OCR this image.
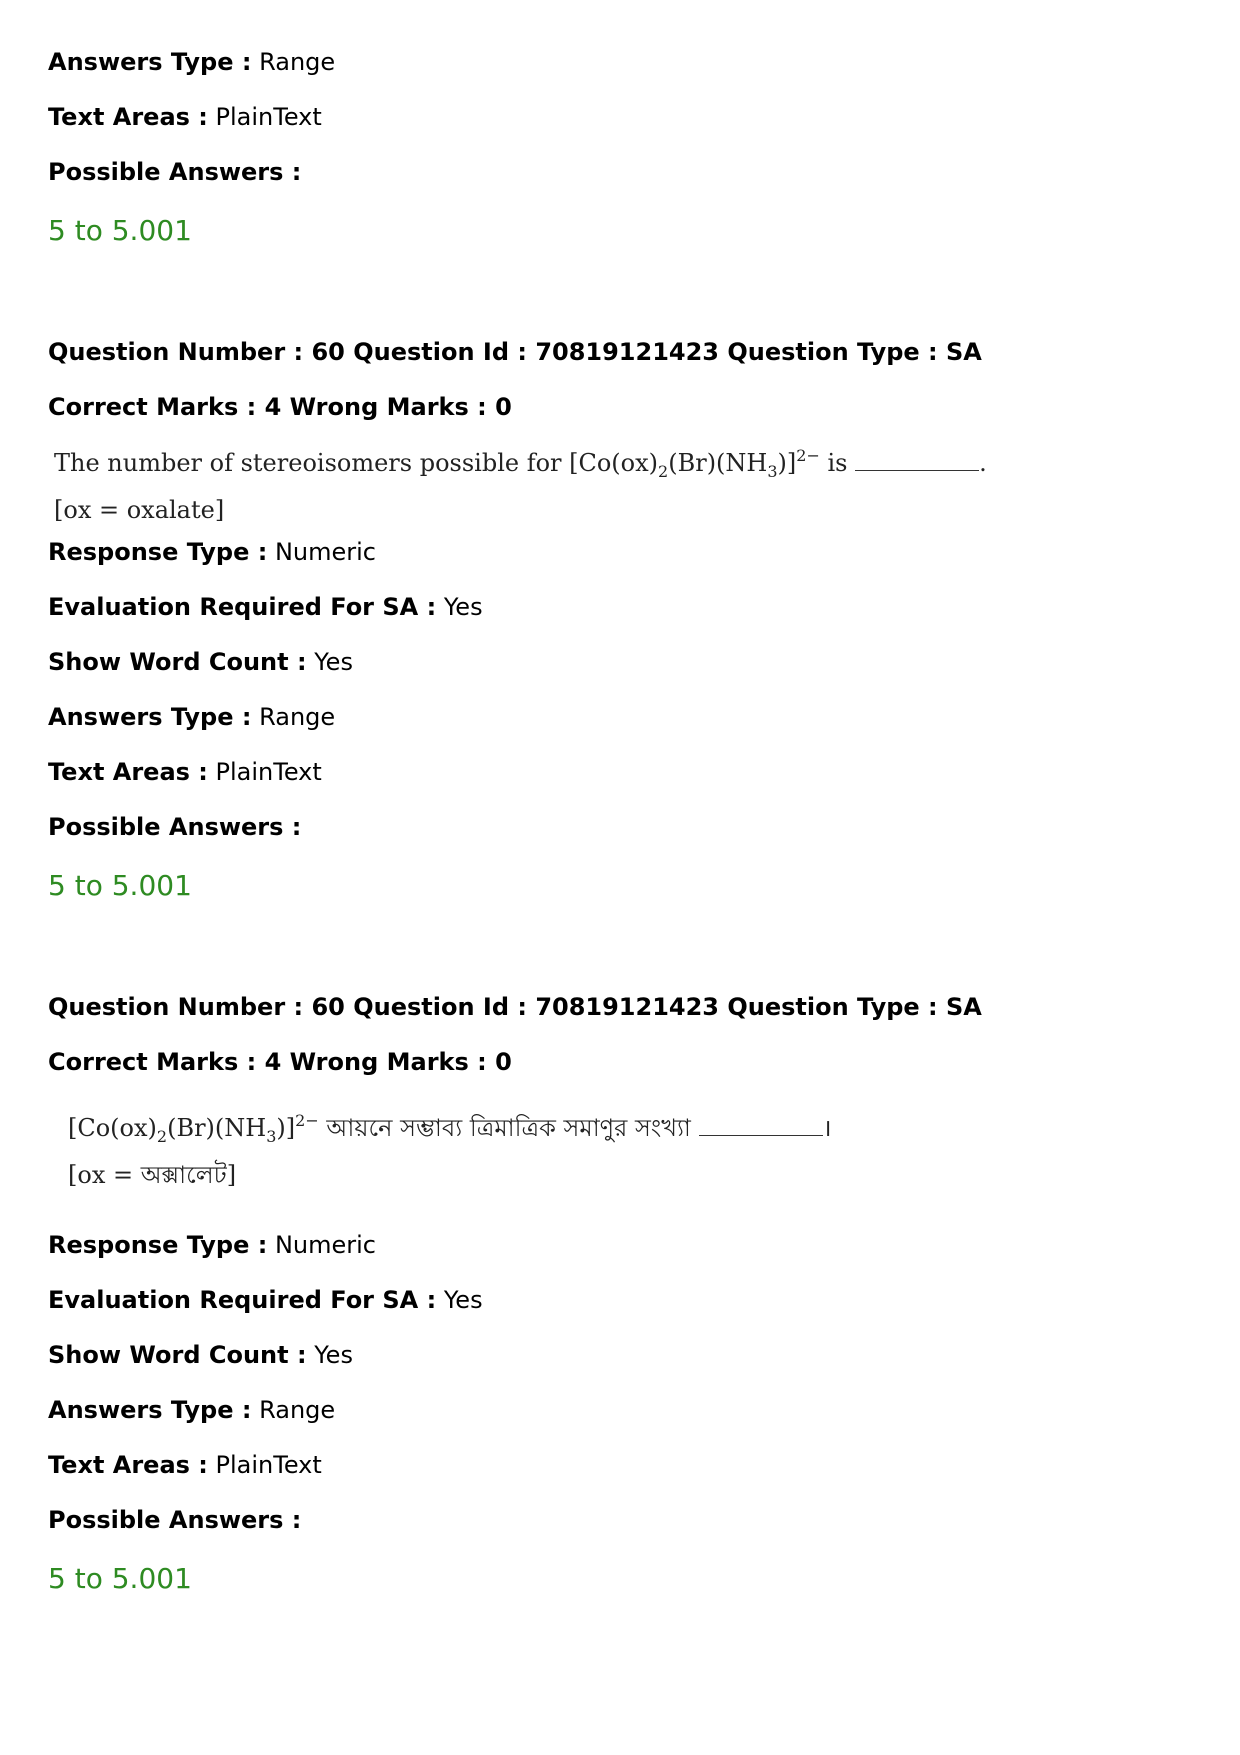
Answers Type : Range
Text Areas : PlainText
Possible Answers :
5 to 5.001
Question Number : 60 Question Id : 70819121423 Question Type : SA
Correct Marks : 4 Wrong Marks : 0
The number of stereoisomers possible for $[Co(ox)_2(Br)(NH_3)]^{2-}$ is	.
[ox = oxalate]
Response Type : Numeric
Evaluation Required For SA : Yes
Show Word Count : Yes
Answers Type : Range
Text Areas : PlainText
Possible Answers :
5 to 5.001
Question Number : 60 Question Id : 70819121423 Question Type : SA
Correct Marks : 4 Wrong Marks : 0
$[Co(ox)_2(Br)(NH_3)]^{2-}$ আয়নে সম্ভাব্য ত্রিমাত্রিক সমাণুর সংখ্যা	।
[ox = অক্সালেট]
Response Type : Numeric
Evaluation Required For SA : Yes
Show Word Count : Yes
Answers Type : Range
Text Areas : PlainText
Possible Answers :
5 to 5.001
